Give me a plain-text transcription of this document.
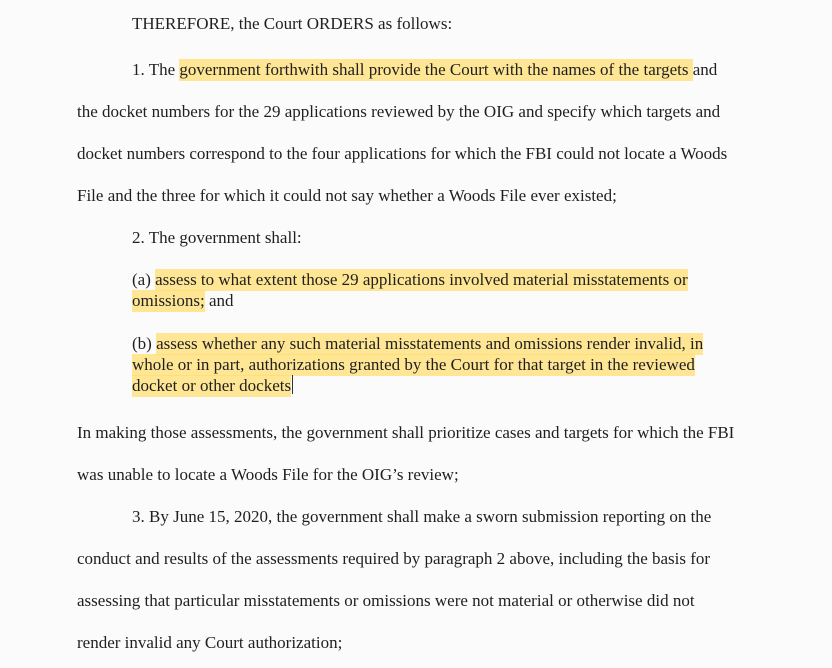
THEREFORE, the Court ORDERS as follows:
1. The government forthwith shall provide the Court with the names of the targets and
the docket numbers for the 29 applications reviewed by the OIG and specify which targets and
docket numbers correspond to the four applications for which the FBI could not locate a Woods
File and the three for which it could not say whether a Woods File ever existed;
2. The government shall:
(a) assess to what extent those 29 applications involved material misstatements or
omissions; and
(b) assess whether any such material misstatements and omissions render invalid, in
whole or in part, authorizations granted by the Court for that target in the reviewed
docket or other dockets
In making those assessments, the government shall prioritize cases and targets for which the FBI
was unable to locate a Woods File for the OIG’s review;
3. By June 15, 2020, the government shall make a sworn submission reporting on the
conduct and results of the assessments required by paragraph 2 above, including the basis for
assessing that particular misstatements or omissions were not material or otherwise did not
render invalid any Court authorization;
